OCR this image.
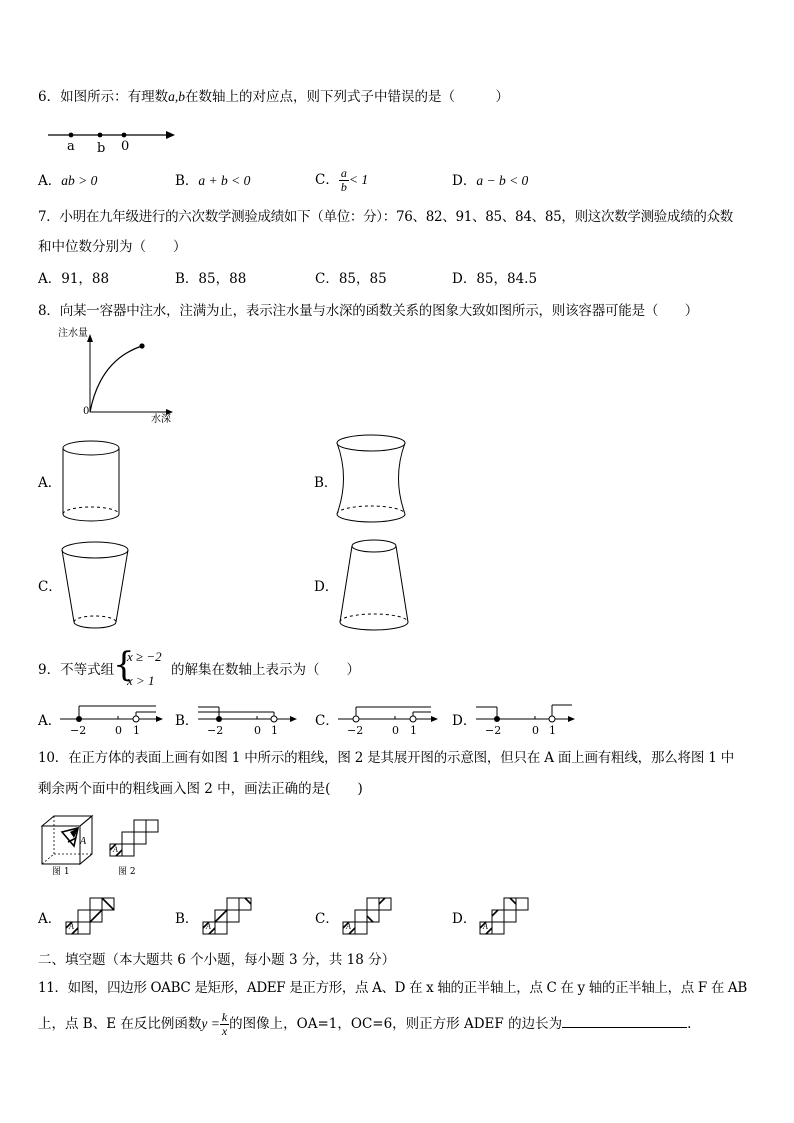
6．如图所示：有理数a,b在数轴上的对应点，则下列式子中错误的是（　　　）
a b 0
A．ab > 0	B．a + b < 0	C． $\frac{a}{b} < 1$	D．a − b < 0
7．小明在九年级进行的六次数学测验成绩如下（单位：分）：76、82、91、85、84、85，则这次数学测验成绩的众数
和中位数分别为（　　）
A．91，88	B．85，88	C．85，85	D．85，84.5
8．向某一容器中注水，注满为止，表示注水量与水深的函数关系的图象大致如图所示，则该容器可能是（　　）
注水量
水深
0
A．	B．
C．	D．
9．不等式组
{
x ≥ −2
x > 1
的解集在数轴上表示为（　　）
A．
−2	0 1
B．
−2	0 1
C．
−2	0 1
D．
−2	0 1
10．在正方体的表面上画有如图 1 中所示的粗线，图 2 是其展开图的示意图，但只在 A 面上画有粗线，那么将图 1 中
剩余两个面中的粗线画入图 2 中，画法正确的是(　　)
A
图 1
A
图 2
A． A	B． A	C． A	D． A
二、填空题（本大题共 6 个小题，每小题 3 分，共 18 分）
11．如图，四边形 OABC 是矩形，ADEF 是正方形，点 A、D 在 x 轴的正半轴上，点 C 在 y 轴的正半轴上，点 F 在 AB
上，点 B、E 在反比例函数$y = \frac{k}{x}$ 的图像上，OA=1，OC=6，则正方形 ADEF 的边长为	.
